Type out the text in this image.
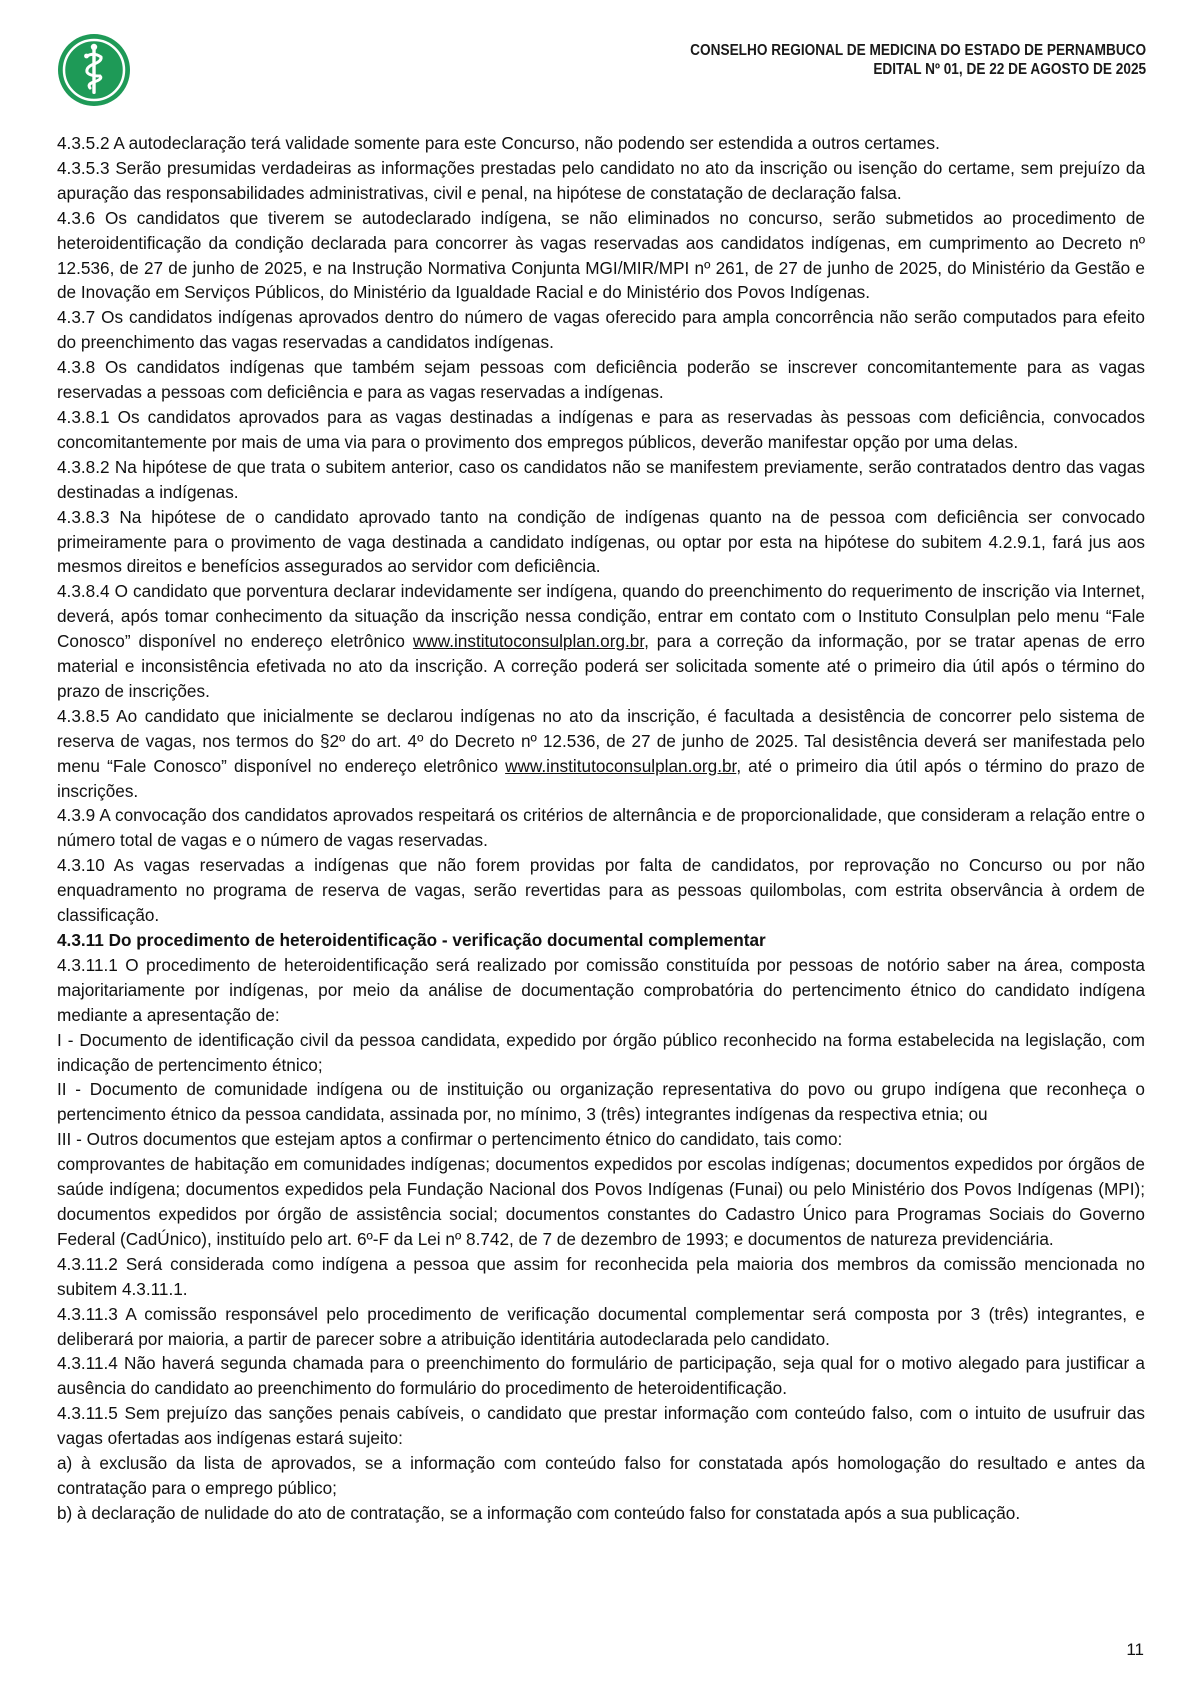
CONSELHO REGIONAL DE MEDICINA DO ESTADO DE PERNAMBUCO
EDITAL Nº 01, DE 22 DE AGOSTO DE 2025

4.3.5.2 A autodeclaração terá validade somente para este Concurso, não podendo ser estendida a outros certames.

4.3.5.3 Serão presumidas verdadeiras as informações prestadas pelo candidato no ato da inscrição ou isenção do certame, sem prejuízo da apuração das responsabilidades administrativas, civil e penal, na hipótese de constatação de declaração falsa.

4.3.6 Os candidatos que tiverem se autodeclarado indígena, se não eliminados no concurso, serão submetidos ao procedimento de heteroidentificação da condição declarada para concorrer às vagas reservadas aos candidatos indígenas, em cumprimento ao Decreto nº 12.536, de 27 de junho de 2025, e na Instrução Normativa Conjunta MGI/MIR/MPI nº 261, de 27 de junho de 2025, do Ministério da Gestão e de Inovação em Serviços Públicos, do Ministério da Igualdade Racial e do Ministério dos Povos Indígenas.

4.3.7 Os candidatos indígenas aprovados dentro do número de vagas oferecido para ampla concorrência não serão computados para efeito do preenchimento das vagas reservadas a candidatos indígenas.

4.3.8 Os candidatos indígenas que também sejam pessoas com deficiência poderão se inscrever concomitantemente para as vagas reservadas a pessoas com deficiência e para as vagas reservadas a indígenas.

4.3.8.1 Os candidatos aprovados para as vagas destinadas a indígenas e para as reservadas às pessoas com deficiência, convocados concomitantemente por mais de uma via para o provimento dos empregos públicos, deverão manifestar opção por uma delas.

4.3.8.2 Na hipótese de que trata o subitem anterior, caso os candidatos não se manifestem previamente, serão contratados dentro das vagas destinadas a indígenas.

4.3.8.3 Na hipótese de o candidato aprovado tanto na condição de indígenas quanto na de pessoa com deficiência ser convocado primeiramente para o provimento de vaga destinada a candidato indígenas, ou optar por esta na hipótese do subitem 4.2.9.1, fará jus aos mesmos direitos e benefícios assegurados ao servidor com deficiência.

4.3.8.4 O candidato que porventura declarar indevidamente ser indígena, quando do preenchimento do requerimento de inscrição via Internet, deverá, após tomar conhecimento da situação da inscrição nessa condição, entrar em contato com o Instituto Consulplan pelo menu “Fale Conosco” disponível no endereço eletrônico www.institutoconsulplan.org.br, para a correção da informação, por se tratar apenas de erro material e inconsistência efetivada no ato da inscrição. A correção poderá ser solicitada somente até o primeiro dia útil após o término do prazo de inscrições.

4.3.8.5 Ao candidato que inicialmente se declarou indígenas no ato da inscrição, é facultada a desistência de concorrer pelo sistema de reserva de vagas, nos termos do §2º do art. 4º do Decreto nº 12.536, de 27 de junho de 2025. Tal desistência deverá ser manifestada pelo menu “Fale Conosco” disponível no endereço eletrônico www.institutoconsulplan.org.br, até o primeiro dia útil após o término do prazo de inscrições.

4.3.9 A convocação dos candidatos aprovados respeitará os critérios de alternância e de proporcionalidade, que consideram a relação entre o número total de vagas e o número de vagas reservadas.

4.3.10 As vagas reservadas a indígenas que não forem providas por falta de candidatos, por reprovação no Concurso ou por não enquadramento no programa de reserva de vagas, serão revertidas para as pessoas quilombolas, com estrita observância à ordem de classificação.

4.3.11 Do procedimento de heteroidentificação - verificação documental complementar

4.3.11.1 O procedimento de heteroidentificação será realizado por comissão constituída por pessoas de notório saber na área, composta majoritariamente por indígenas, por meio da análise de documentação comprobatória do pertencimento étnico do candidato indígena mediante a apresentação de:

I - Documento de identificação civil da pessoa candidata, expedido por órgão público reconhecido na forma estabelecida na legislação, com indicação de pertencimento étnico;

II - Documento de comunidade indígena ou de instituição ou organização representativa do povo ou grupo indígena que reconheça o pertencimento étnico da pessoa candidata, assinada por, no mínimo, 3 (três) integrantes indígenas da respectiva etnia; ou

III - Outros documentos que estejam aptos a confirmar o pertencimento étnico do candidato, tais como:

comprovantes de habitação em comunidades indígenas; documentos expedidos por escolas indígenas; documentos expedidos por órgãos de saúde indígena; documentos expedidos pela Fundação Nacional dos Povos Indígenas (Funai) ou pelo Ministério dos Povos Indígenas (MPI); documentos expedidos por órgão de assistência social; documentos constantes do Cadastro Único para Programas Sociais do Governo Federal (CadÚnico), instituído pelo art. 6º-F da Lei nº 8.742, de 7 de dezembro de 1993; e documentos de natureza previdenciária.

4.3.11.2 Será considerada como indígena a pessoa que assim for reconhecida pela maioria dos membros da comissão mencionada no subitem 4.3.11.1.

4.3.11.3 A comissão responsável pelo procedimento de verificação documental complementar será composta por 3 (três) integrantes, e deliberará por maioria, a partir de parecer sobre a atribuição identitária autodeclarada pelo candidato.

4.3.11.4 Não haverá segunda chamada para o preenchimento do formulário de participação, seja qual for o motivo alegado para justificar a ausência do candidato ao preenchimento do formulário do procedimento de heteroidentificação.

4.3.11.5 Sem prejuízo das sanções penais cabíveis, o candidato que prestar informação com conteúdo falso, com o intuito de usufruir das vagas ofertadas aos indígenas estará sujeito:

a) à exclusão da lista de aprovados, se a informação com conteúdo falso for constatada após homologação do resultado e antes da contratação para o emprego público;

b) à declaração de nulidade do ato de contratação, se a informação com conteúdo falso for constatada após a sua publicação.

11
